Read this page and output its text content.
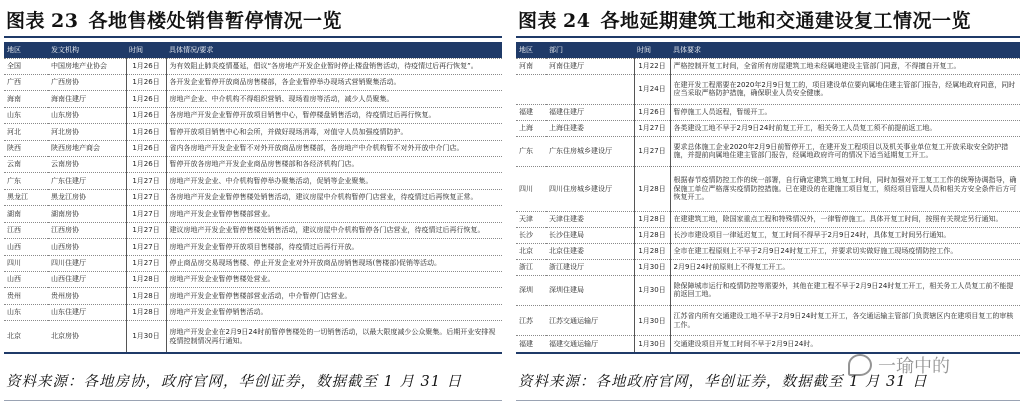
图表 23 各地售楼处销售暂停情况一览
地区	发文机构	时间	具体情况/要求
全国	中国房地产业协会	1月26日	为有效阻止肺炎疫情蔓延，倡议“各房地产开发企业暂时停止楼盘销售活动，待疫情过后再行恢复”。
广西	广西房协	1月26日	各开发企业暂停开放商品房售楼部，各企业暂停举办现场式营销聚集活动。
海南	海南住建厅	1月26日	房地产企业、中介机构不得组织营销、现场看房等活动，减少人员聚集。
山东	山东房协	1月26日	各房地产开发企业暂停开放项目销售中心，暂停楼盘销售活动，待疫情过后再行恢复。
河北	河北房协	1月26日	暂停开放项目销售中心和会所，并做好现场消毒，对值守人员加强疫情防护。
陕西	陕西房地产商会	1月26日	省内各房地产开发企业暂不对外开放商品房售楼部，各房地产中介机构暂不对外开放中介门店。
云南	云南房协	1月26日	暂停开放各房地产开发企业商品房售楼部和各经济机构门店。
广东	广东住建厅	1月27日	房地产开发企业、中介机构暂停举办聚集活动，促销等企业聚集。
黑龙江	黑龙江房协	1月27日	各房地产开发企业暂停售楼处销售活动，建议房屋中介机构暂停门店营业，待疫情过后再恢复正常。
湖南	湖南房协	1月27日	房地产开发企业暂停售楼部营业。
江西	江西房协	1月27日	建议房地产开发企业暂停售楼处销售活动，建议房屋中介机构暂停各门店营业，待疫情过后再行恢复。
山西	山西房协	1月27日	房地产开发企业暂停开放项目售楼部，待疫情过后再行开放。
四川	四川住建厅	1月27日	停止商品房交易现场售楼、停止开发企业对外开放商品房销售现场(售楼部)促销等活动。
山西	山西住建厅	1月28日	房地产开发企业暂停售楼处营业。
贵州	贵州房协	1月28日	房地产开发企业暂停售楼部营业活动，中介暂停门店营业。
山东	山东住建厅	1月28日	房地产开发企业暂停销售活动。
北京	北京房协	1月30日	房地产开发企业在2月9日24时前暂停售楼处的一切销售活动，以最大限度减少公众聚集。后期开业安排视疫情控制情况再行通知。
资料来源：各地房协，政府官网，华创证券，数据截至 1 月 31 日
图表 24 各地延期建筑工地和交通建设复工情况一览
地区	部门	时间	具体要求
河南	河南住建厅	1月22日	严格控制开复工时间，全省所有房屋建筑工地未经属地建设主管部门同意，不得擅自开复工。
		1月24日	在建开发工程需要在2020年2月9日复工的，项目建设单位要向属地住建主管部门报告，经属地政府同意，同时应当采取严格防护措施，确保职业人员安全健康。
福建	福建住建厅	1月26日	暂停施工人员返程，暂缓开工。
上海	上海住建委	1月27日	各类建设工地不早于2月9日24时前复工开工，相关务工人员复工须不前提前返工地。
广东	广东住房城乡建设厅	1月27日	要求总体施工企业2020年2月9日前暂停开工，在建开发工程项目以及机关事业单位复工开放采取安全防护措施，并提前向属地住建主管部门报告，经属地政府许可的情况下适当延期复工开工。
四川	四川住房城乡建设厅	1月28日	根据春节疫情防控工作的统一部署，自行确定建筑工地复工时间，同时加强对开工复工工作的统筹协调指导，确保施工单位严格落实疫情防控措施。已在建设的在建施工项目复工，须经项目管理人员和相关方安全条件后方可恢复开工。
天津	天津住建委	1月28日	在建建筑工地，除国家重点工程和特殊情况外，一律暂停施工。具体开复工时间，按照有关规定另行通知。
长沙	长沙住建局	1月28日	长沙市建设项目一律延迟复工，复工时间不得早于2月9日24时，具体复工时间另行通知。
北京	北京住建委	1月28日	全市在建工程原则上不早于2月9日24时复工开工，并要求切实做好施工现场疫情防控工作。
浙江	浙江建设厅	1月30日	2月9日24时前原则上不得复工开工。
深圳	深圳住建局	1月30日	除保障城市运行和疫情防控等需要外，其他在建工程不早于2月9日24时复工开工，相关务工人员复工前不能提前返回工地。
江苏	江苏交通运输厅	1月30日	江苏省内所有交通建设工地不早于2月9日24时复工开工，各交通运输主管部门负责辖区内在建项目复工的审核工作。
福建	福建交通运输厅	1月30日	交通建设项目开复工时间不早于2月9日24时。
资料来源：各地政府官网，华创证券，数据截至 1 月 31 日
一瑜中的
